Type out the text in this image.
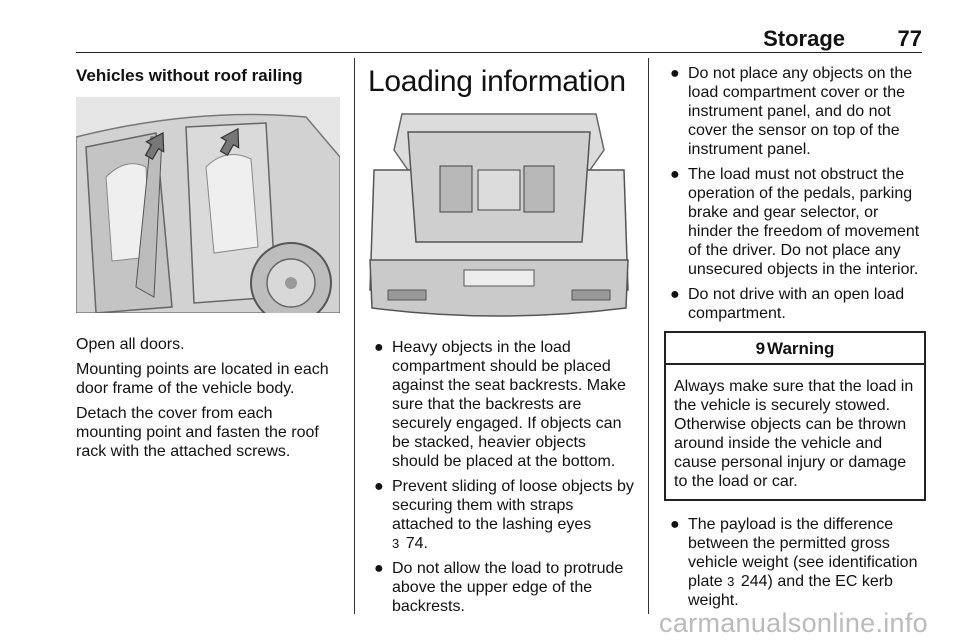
Storage 77
Vehicles without roof railing

Open all doors.

Mounting points are located in each door frame of the vehicle body.

Detach the cover from each mounting point and fasten the roof rack with the attached screws.

Loading information
● Heavy objects in the load compartment should be placed against the seat backrests. Make sure that the backrests are securely engaged. If objects can be stacked, heavier objects should be placed at the bottom.
● Prevent sliding of loose objects by securing them with straps attached to the lashing eyes
3 74.
● Do not allow the load to protrude above the upper edge of the backrests.
● Do not place any objects on the load compartment cover or the instrument panel, and do not cover the sensor on top of the instrument panel.
● The load must not obstruct the operation of the pedals, parking brake and gear selector, or hinder the freedom of movement of the driver. Do not place any unsecured objects in the interior.
● Do not drive with an open load compartment.
9 Warning
Always make sure that the load in the vehicle is securely stowed. Otherwise objects can be thrown around inside the vehicle and cause personal injury or damage to the load or car.
● The payload is the difference between the permitted gross vehicle weight (see identification plate 3 244) and the EC kerb weight.
carmanualsonline.info
